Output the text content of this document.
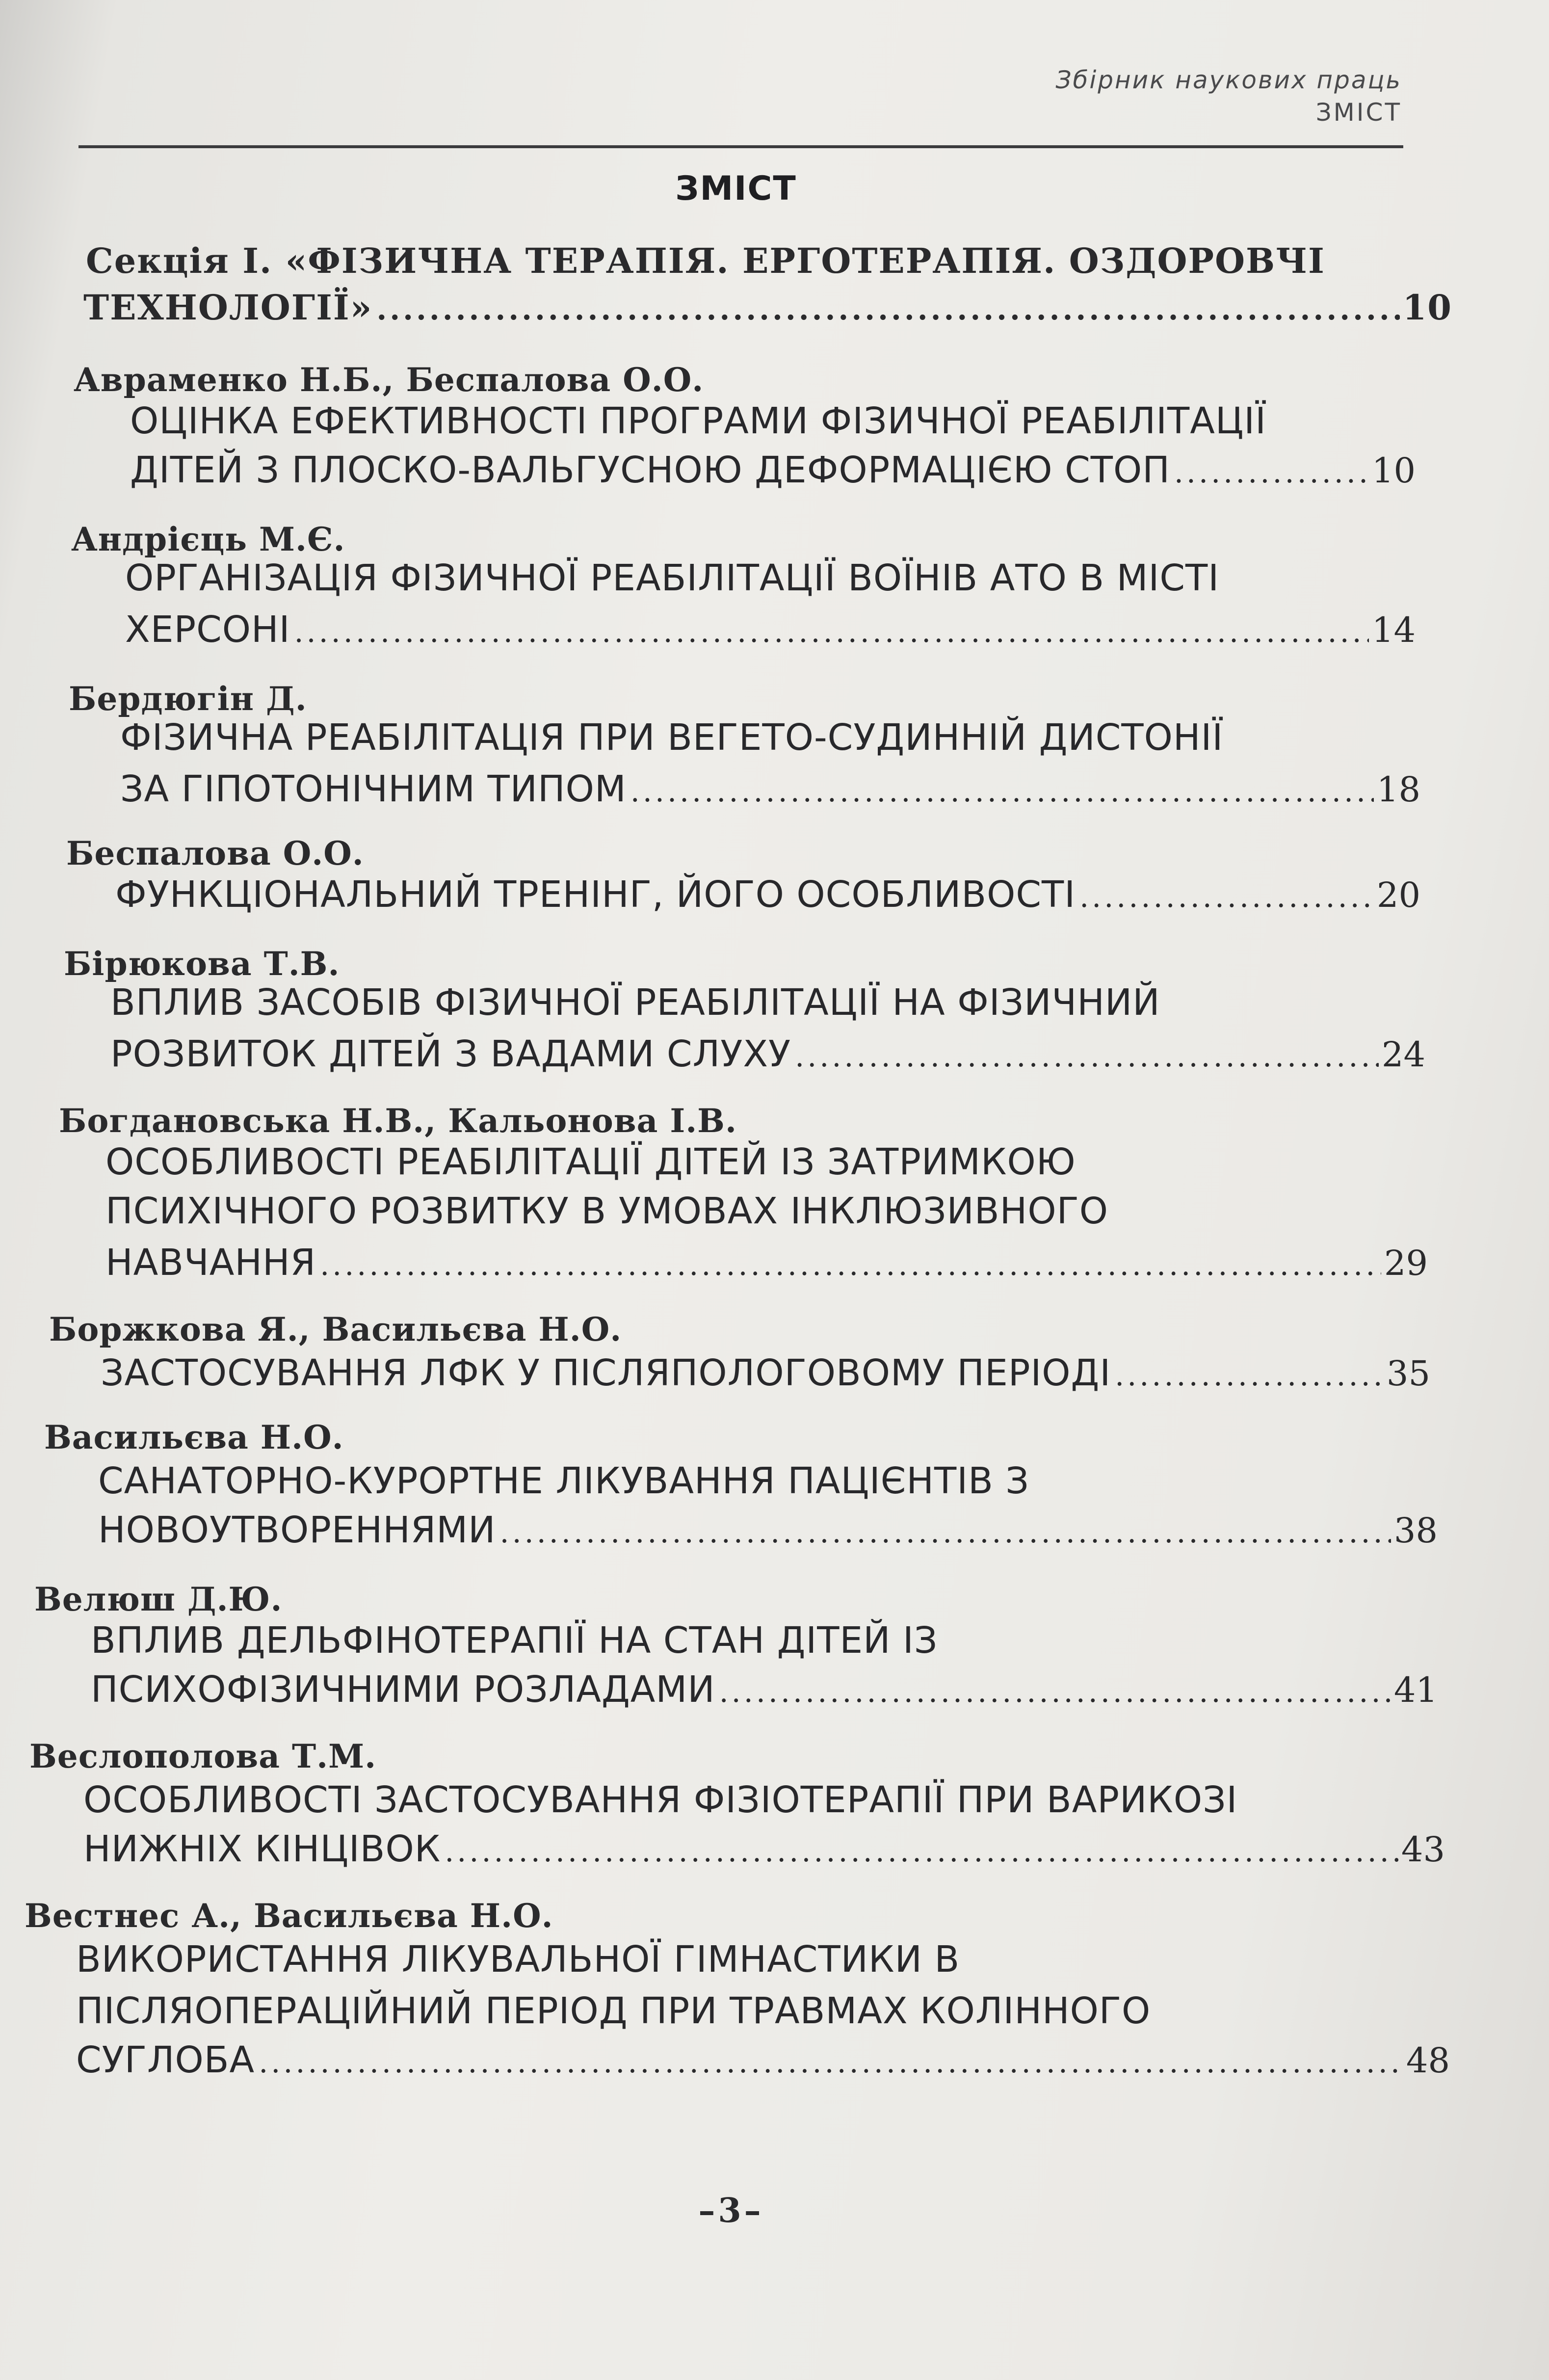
Збірник наукових праць
ЗМІСТ
ЗМІСТ
Секція І. «ФІЗИЧНА ТЕРАПІЯ. ЕРГОТЕРАПІЯ. ОЗДОРОВЧІ
ТЕХНОЛОГІЇ» .....	10
Авраменко Н.Б., Беспалова О.О.
ОЦІНКА ЕФЕКТИВНОСТІ ПРОГРАМИ ФІЗИЧНОЇ РЕАБІЛІТАЦІЇ
ДІТЕЙ З ПЛОСКО-ВАЛЬГУСНОЮ ДЕФОРМАЦІЄЮ СТОП .....	10
Андрієць М.Є.
ОРГАНІЗАЦІЯ ФІЗИЧНОЇ РЕАБІЛІТАЦІЇ ВОЇНІВ АТО В МІСТІ
ХЕРСОНІ .....	14
Бердюгін Д.
ФІЗИЧНА РЕАБІЛІТАЦІЯ ПРИ ВЕГЕТО-СУДИННІЙ ДИСТОНІЇ
ЗА ГІПОТОНІЧНИМ ТИПОМ .....	18
Беспалова О.О.
ФУНКЦІОНАЛЬНИЙ ТРЕНІНГ, ЙОГО ОСОБЛИВОСТІ .....	20
Бірюкова Т.В.
ВПЛИВ ЗАСОБІВ ФІЗИЧНОЇ РЕАБІЛІТАЦІЇ НА ФІЗИЧНИЙ
РОЗВИТОК ДІТЕЙ З ВАДАМИ СЛУХУ .....	24
Богдановська Н.В., Кальонова І.В.
ОСОБЛИВОСТІ РЕАБІЛІТАЦІЇ ДІТЕЙ ІЗ ЗАТРИМКОЮ
ПСИХІЧНОГО РОЗВИТКУ В УМОВАХ ІНКЛЮЗИВНОГО
НАВЧАННЯ .....	29
Боржкова Я., Васильєва Н.О.
ЗАСТОСУВАННЯ ЛФК У ПІСЛЯПОЛОГОВОМУ ПЕРІОДІ .....	35
Васильєва Н.О.
САНАТОРНО-КУРОРТНЕ ЛІКУВАННЯ ПАЦІЄНТІВ З
НОВОУТВОРЕННЯМИ .....	38
Велюш Д.Ю.
ВПЛИВ ДЕЛЬФІНОТЕРАПІЇ НА СТАН ДІТЕЙ ІЗ
ПСИХОФІЗИЧНИМИ РОЗЛАДАМИ .....	41
Веслополова Т.М.
ОСОБЛИВОСТІ ЗАСТОСУВАННЯ ФІЗІОТЕРАПІЇ ПРИ ВАРИКОЗІ
НИЖНІХ КІНЦІВОК .....	43
Вестнес А., Васильєва Н.О.
ВИКОРИСТАННЯ ЛІКУВАЛЬНОЇ ГІМНАСТИКИ В
ПІСЛЯОПЕРАЦІЙНИЙ ПЕРІОД ПРИ ТРАВМАХ КОЛІННОГО
СУГЛОБА .....	48
–3–
